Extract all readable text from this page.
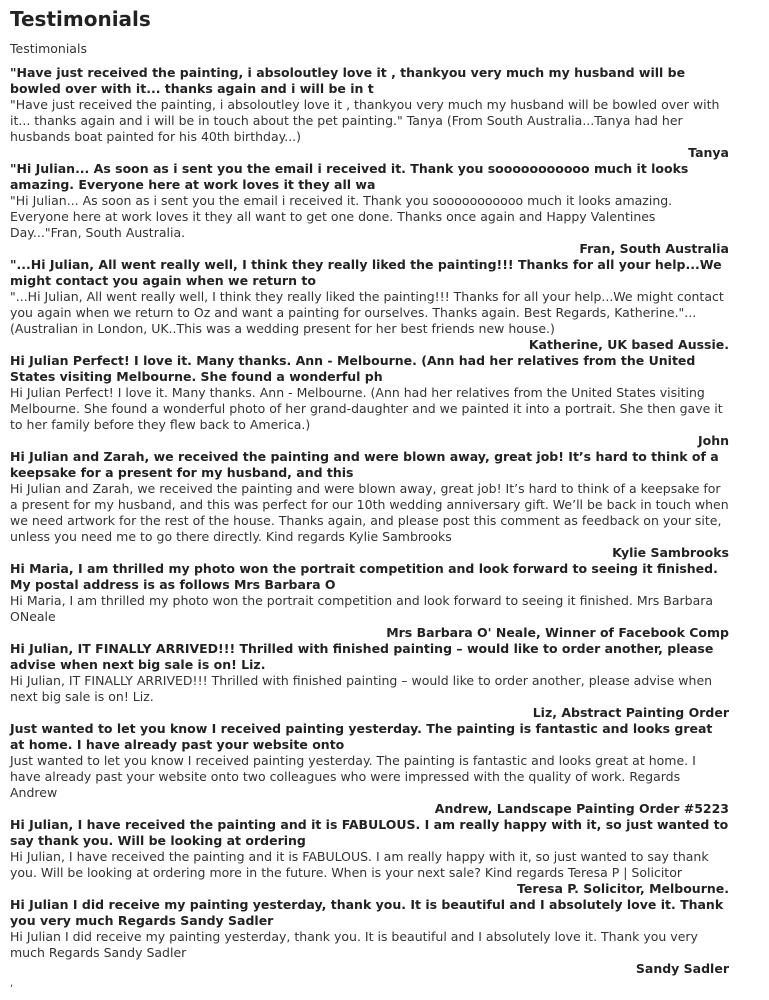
Testimonials
Testimonials
"Have just received the painting, i absoloutley love it , thankyou very much my husband will be bowled over with it... thanks again and i will be in t
"Have just received the painting, i absoloutley love it , thankyou very much my husband will be bowled over with it... thanks again and i will be in touch about the pet painting." Tanya (From South Australia...Tanya had her husbands boat painted for his 40th birthday...)
Tanya
"Hi Julian... As soon as i sent you the email i received it. Thank you sooooooooooo much it looks amazing. Everyone here at work loves it they all wa
"Hi Julian... As soon as i sent you the email i received it. Thank you sooooooooooo much it looks amazing. Everyone here at work loves it they all want to get one done. Thanks once again and Happy Valentines Day..."Fran, South Australia.
Fran, South Australia
"...Hi Julian, All went really well, I think they really liked the painting!!! Thanks for all your help...We might contact you again when we return to
"...Hi Julian, All went really well, I think they really liked the painting!!! Thanks for all your help...We might contact you again when we return to Oz and want a painting for ourselves. Thanks again. Best Regards, Katherine."...(Australian in London, UK..This was a wedding present for her best friends new house.)
Katherine, UK based Aussie.
Hi Julian Perfect! I love it. Many thanks. Ann - Melbourne. (Ann had her relatives from the United States visiting Melbourne. She found a wonderful ph
Hi Julian Perfect! I love it. Many thanks. Ann - Melbourne. (Ann had her relatives from the United States visiting Melbourne. She found a wonderful photo of her grand-daughter and we painted it into a portrait. She then gave it to her family before they flew back to America.)
John
Hi Julian and Zarah, we received the painting and were blown away, great job! It’s hard to think of a keepsake for a present for my husband, and this
Hi Julian and Zarah, we received the painting and were blown away, great job! It’s hard to think of a keepsake for a present for my husband, and this was perfect for our 10th wedding anniversary gift. We’ll be back in touch when we need artwork for the rest of the house. Thanks again, and please post this comment as feedback on your site, unless you need me to go there directly. Kind regards Kylie Sambrooks
Kylie Sambrooks
Hi Maria, I am thrilled my photo won the portrait competition and look forward to seeing it finished. My postal address is as follows Mrs Barbara O
Hi Maria, I am thrilled my photo won the portrait competition and look forward to seeing it finished. Mrs Barbara ONeale
Mrs Barbara O' Neale, Winner of Facebook Comp
Hi Julian, IT FINALLY ARRIVED!!! Thrilled with finished painting – would like to order another, please advise when next big sale is on! Liz.
Hi Julian, IT FINALLY ARRIVED!!! Thrilled with finished painting – would like to order another, please advise when next big sale is on! Liz.
Liz, Abstract Painting Order
Just wanted to let you know I received painting yesterday. The painting is fantastic and looks great at home. I have already past your website onto
Just wanted to let you know I received painting yesterday. The painting is fantastic and looks great at home. I have already past your website onto two colleagues who were impressed with the quality of work. Regards Andrew
Andrew, Landscape Painting Order #5223
Hi Julian, I have received the painting and it is FABULOUS. I am really happy with it, so just wanted to say thank you. Will be looking at ordering
Hi Julian, I have received the painting and it is FABULOUS. I am really happy with it, so just wanted to say thank you. Will be looking at ordering more in the future. When is your next sale? Kind regards Teresa P | Solicitor
Teresa P. Solicitor, Melbourne.
Hi Julian I did receive my painting yesterday, thank you. It is beautiful and I absolutely love it. Thank you very much Regards Sandy Sadler
Hi Julian I did receive my painting yesterday, thank you. It is beautiful and I absolutely love it. Thank you very much Regards Sandy Sadler
Sandy Sadler
,
